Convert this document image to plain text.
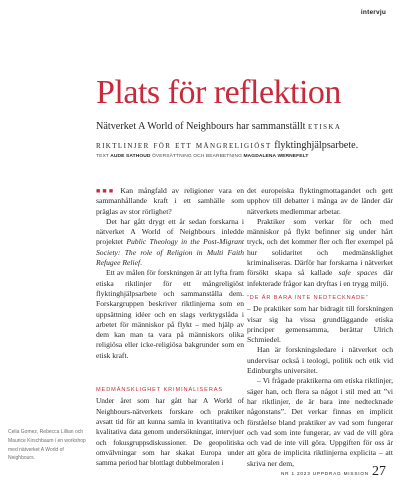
intervju
Plats för reflektion

Nätverket A World of Neighbours har sammanställt etiska riktlinjer för ett mångreligiöst flyktinghjälpsarbete.

TEXT AUDE SATHOUD ÖVERSÄTTNING OCH BEARBETNING MAGDALENA WERNEFELT

■■■ Kan mångfald av religioner vara en sammanhållande kraft i ett samhälle som präglas av stor rörlighet?

Det har gått drygt ett år sedan forskarna i nätverket A World of Neighbours inledde projektet Public Theology in the Post-Migrant Society: The role of Religion in Multi Faith Refugee Relief.

Ett av målen för forskningen är att lyfta fram etiska riktlinjer för ett mångreligiöst flyktinghjälpsarbete och sammanställa dem. Forskargruppen beskriver riktlinjerna som en uppsättning idéer och en slags verktygslåda i arbetet för människor på flykt – med hjälp av dem kan man ta vara på människors olika religiösa eller icke-religiösa bakgrunder som en etisk kraft.

MEDMÄNSKLIGHET KRIMINALISERAS

Under året som har gått har A World of Neighbours-nätverkets forskare och praktiker avsatt tid för att kunna samla in kvantitativa och kvalitativa data genom undersökningar, intervjuer och fokusgruppsdiskussioner. De geopolitiska omvälvningar som har skakat Europa under samma period har blottlagt dubbelmoralen i

det europeiska flyktingmottagandet och gett upphov till debatter i många av de länder där nätverkets medlemmar arbetar.

Praktiker som verkar för och med människor på flykt befinner sig under hårt tryck, och det kommer fler och fler exempel på hur solidaritet och medmänsklighet kriminaliseras. Därför har forskarna i nätverket försökt skapa så kallade safe spaces där infekterade frågor kan dryftas i en trygg miljö.

”DE ÄR BARA INTE NEDTECKNADE”

– De praktiker som har bidragit till forskningen visar sig ha vissa grundläggande etiska principer gemensamma, berättar Ulrich Schmiedel.

Han är forskningsledare i nätverket och undervisar också i teologi, politik och etik vid Edinburghs universitet.

– Vi frågade praktikerna om etiska riktlinjer, säger han, och flera sa något i stil med att ”vi har riktlinjer, de är bara inte nedtecknade någonstans”. Det verkar finnas en implicit förståelse bland praktiker av vad som fungerar och vad som inte fungerar, av vad de vill göra och vad de inte vill göra. Uppgiften för oss är att göra de implicita riktlinjerna explicita – att skriva ner dem,

Celia Gomez, Rebecca Lillian och Maurice Kirschbaum i en workshop med nätverket A World of Neighbours.
NR 1 2023 UPPDRAG MISSION 27
